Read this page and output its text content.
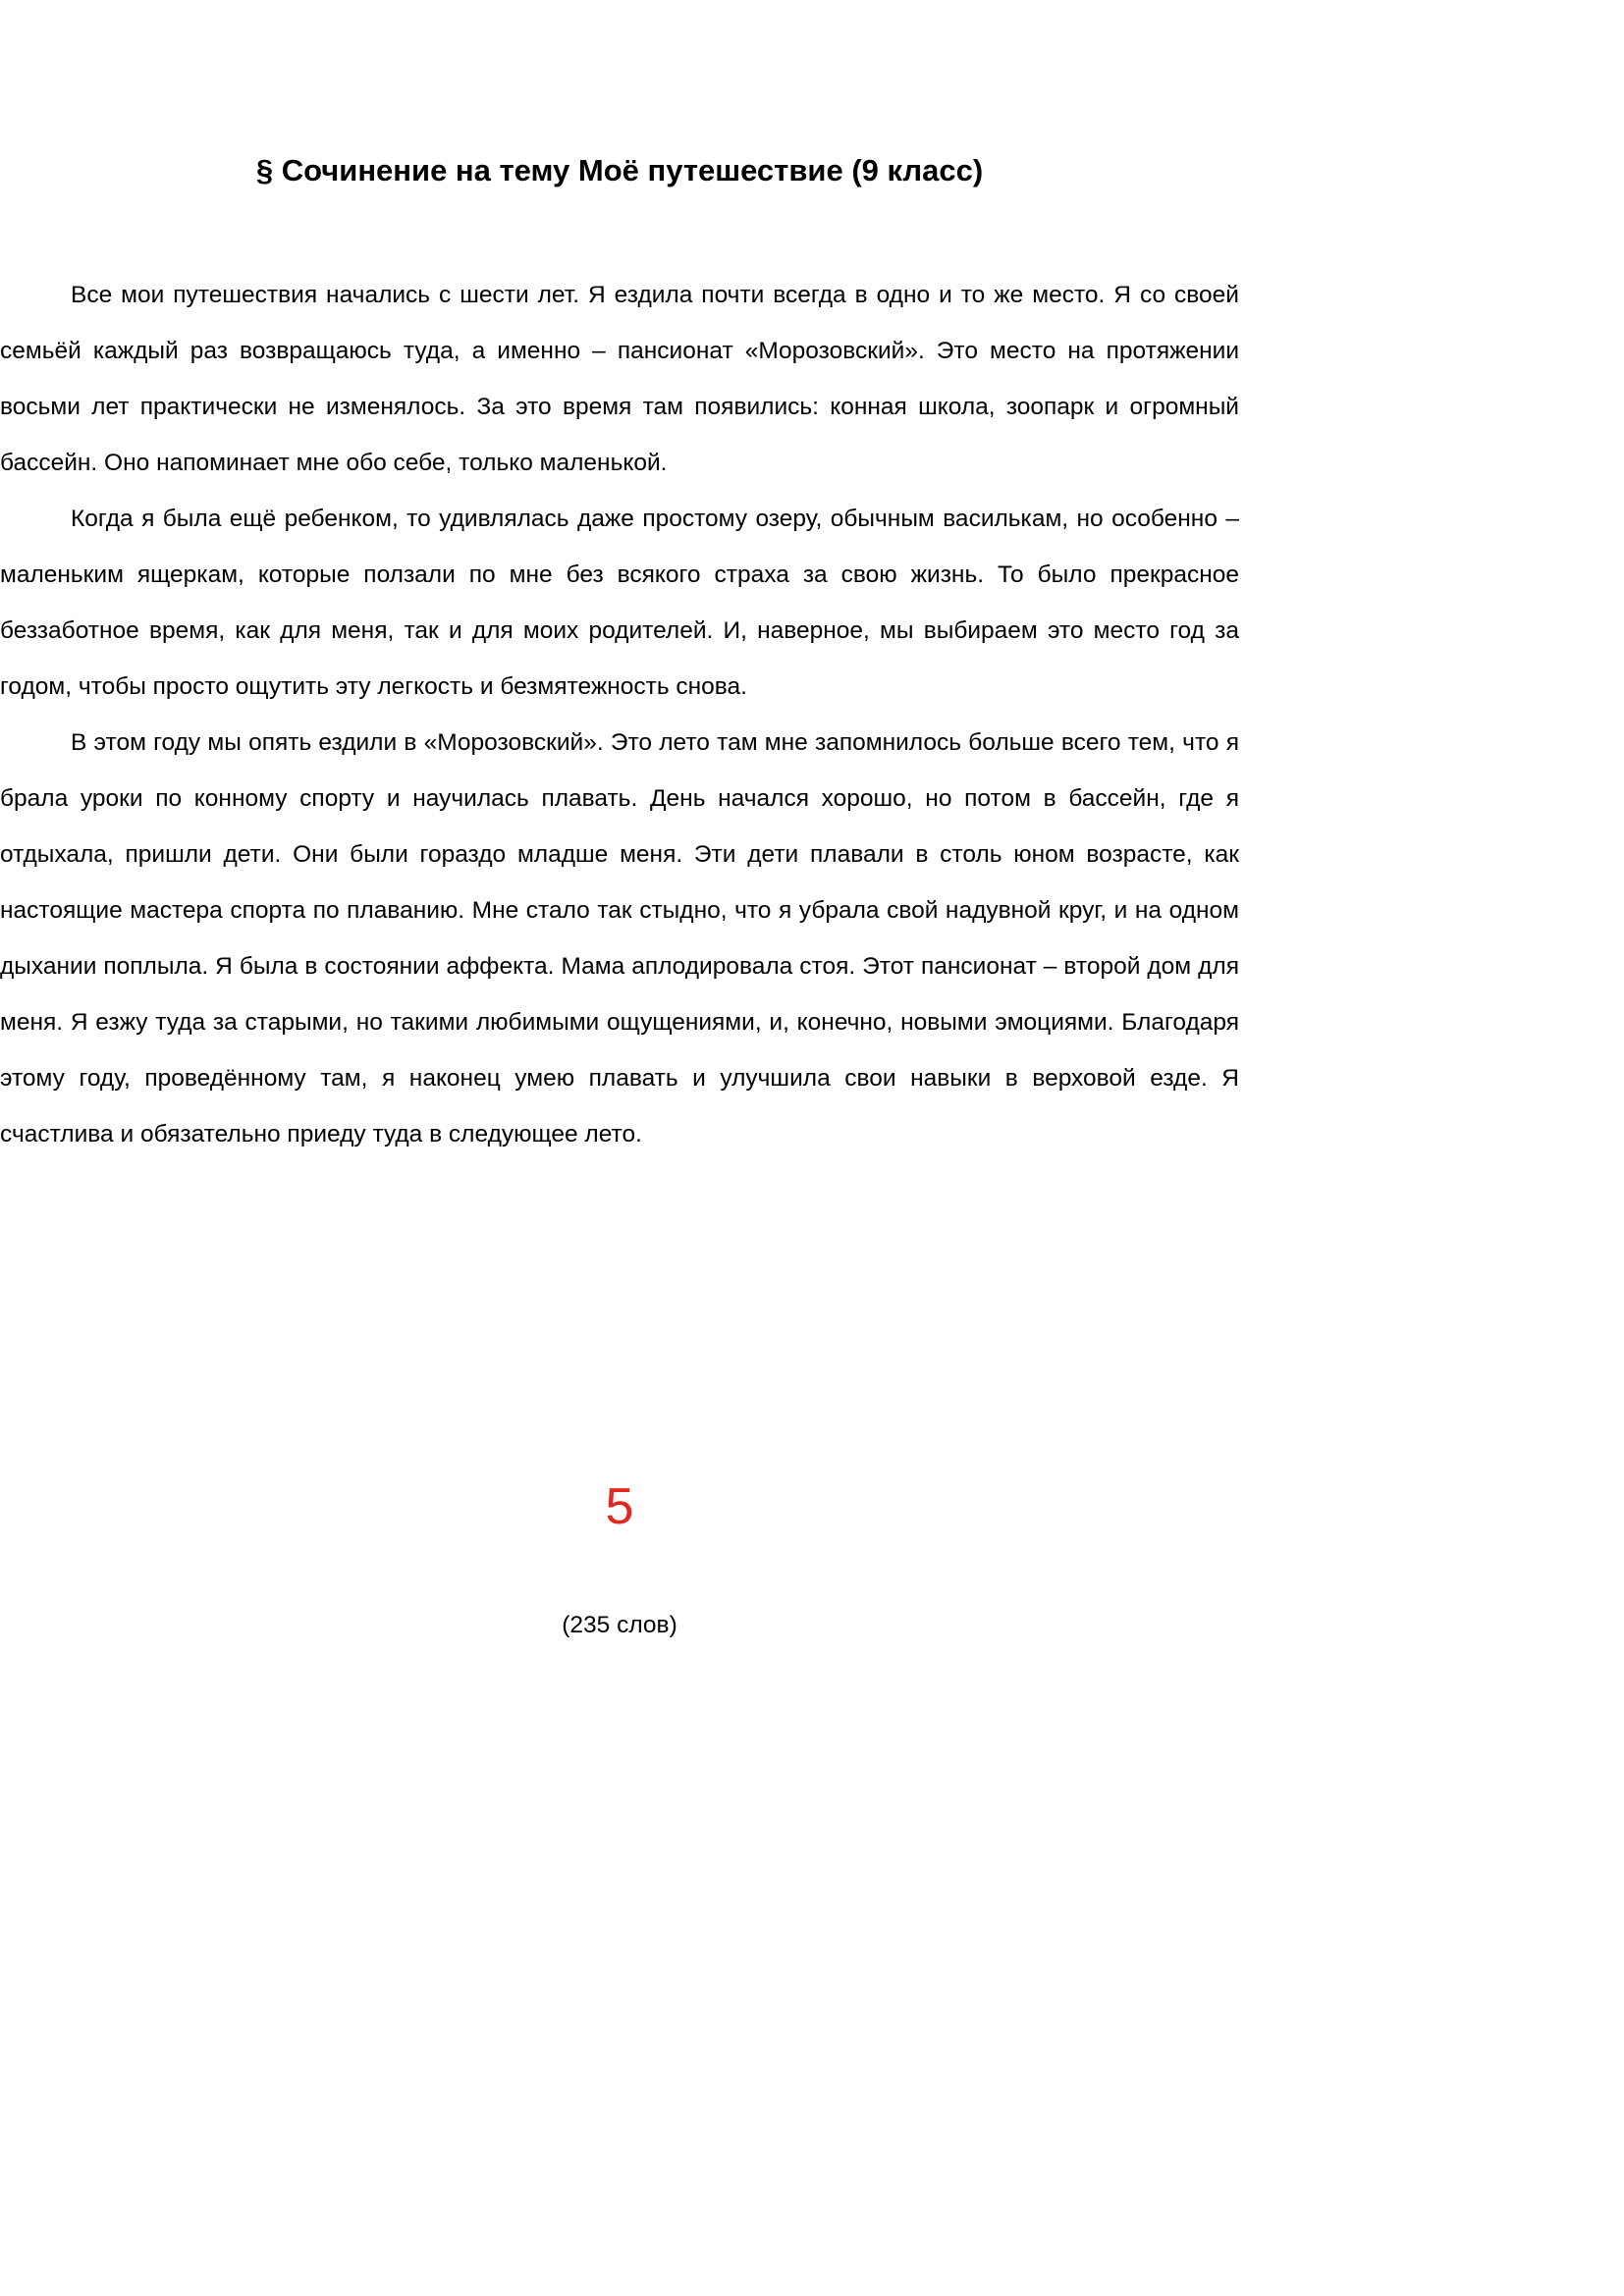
§ Сочинение на тему Моё путешествие (9 класс)

Все мои путешествия начались с шести лет. Я ездила почти всегда в одно и то же место. Я со своей семьёй каждый раз возвращаюсь туда, а именно – пансионат «Морозовский». Это место на протяжении восьми лет практически не изменялось. За это время там появились: конная школа, зоопарк и огромный бассейн. Оно напоминает мне обо себе, только маленькой.

Когда я была ещё ребенком, то удивлялась даже простому озеру, обычным василькам, но особенно – маленьким ящеркам, которые ползали по мне без всякого страха за свою жизнь. То было прекрасное беззаботное время, как для меня, так и для моих родителей. И, наверное, мы выбираем это место год за годом, чтобы просто ощутить эту легкость и безмятежность снова.

В этом году мы опять ездили в «Морозовский». Это лето там мне запомнилось больше всего тем, что я брала уроки по конному спорту и научилась плавать. День начался хорошо, но потом в бассейн, где я отдыхала, пришли дети. Они были гораздо младше меня. Эти дети плавали в столь юном возрасте, как настоящие мастера спорта по плаванию. Мне стало так стыдно, что я убрала свой надувной круг, и на одном дыхании поплыла. Я была в состоянии аффекта. Мама аплодировала стоя. Этот пансионат – второй дом для меня. Я езжу туда за старыми, но такими любимыми ощущениями, и, конечно, новыми эмоциями. Благодаря этому году, проведённому там, я наконец умею плавать и улучшила свои навыки в верховой езде. Я счастлива и обязательно приеду туда в следующее лето.

5
(235 слов)
